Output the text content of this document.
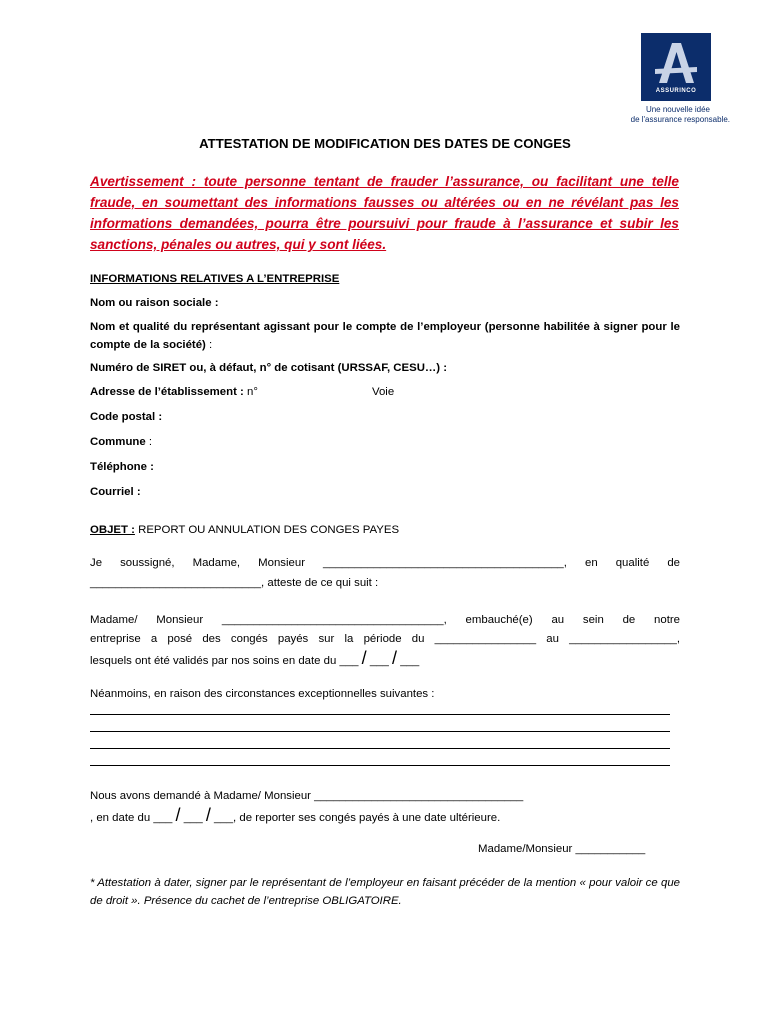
ASSURINCO
Une nouvelle idée
de l'assurance responsable.
ATTESTATION DE MODIFICATION DES DATES DE CONGES
Avertissement : toute personne tentant de frauder l’assurance, ou facilitant une telle fraude, en soumettant des informations fausses ou altérées ou en ne révélant pas les informations demandées, pourra être poursuivi pour fraude à l’assurance et subir les sanctions, pénales ou autres, qui y sont liées.
INFORMATIONS RELATIVES A L’ENTREPRISE
Nom ou raison sociale :
Nom et qualité du représentant agissant pour le compte de l’employeur (personne habilitée à signer pour le compte de la société) :
Numéro de SIRET ou, à défaut, n° de cotisant (URSSAF, CESU…) :
Adresse de l’établissement : n°	Voie
Code postal :
Commune :
Téléphone :
Courriel :
OBJET : REPORT OU ANNULATION DES CONGES PAYES
Je soussigné, Madame, Monsieur ______________________________________, en qualité de
___________________________, atteste de ce qui suit :
Madame/ Monsieur ___________________________________, embauché(e) au sein de notre
entreprise a posé des congés payés sur la période du ________________ au _________________,
lesquels ont été validés par nos soins en date du ___ / ___ / ___
Néanmoins, en raison des circonstances exceptionnelles suivantes :
Nous avons demandé à Madame/ Monsieur _________________________________
, en date du ___ / ___ / ___, de reporter ses congés payés à une date ultérieure.
Madame/Monsieur ___________
* Attestation à dater, signer par le représentant de l’employeur en faisant précéder de la mention « pour valoir ce que de droit ». Présence du cachet de l’entreprise OBLIGATOIRE.
